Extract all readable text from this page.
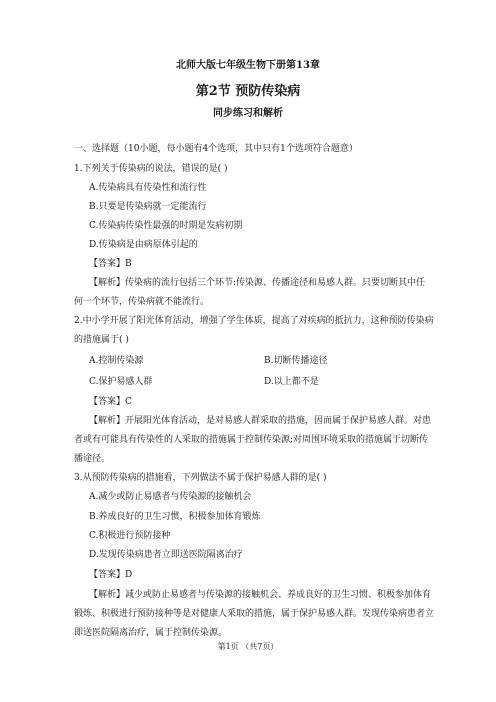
北师大版七年级生物下册第13章
第2节 预防传染病
同步练习和解析
一、选择题（10小题，每小题有4个选项，其中只有1个选项符合题意）
1.下列关于传染病的说法，错误的是( )
A.传染病具有传染性和流行性
B.只要是传染病就一定能流行
C.传染病传染性最强的时期是发病初期
D.传染病是由病原体引起的
【答案】B
【解析】传染病的流行包括三个环节:传染源、传播途径和易感人群。只要切断其中任
何一个环节，传染病就不能流行。
2.中小学开展了阳光体育活动，增强了学生体质，提高了对疾病的抵抗力，这种预防传染病
的措施属于( )
A.控制传染源	B.切断传播途径
C.保护易感人群	D.以上都不是
【答案】C
【解析】开展阳光体育活动，是对易感人群采取的措施，因而属于保护易感人群。对患
者或有可能具有传染性的人采取的措施属于控制传染源;对周围环境采取的措施属于切断传
播途径。
3.从预防传染病的措施看，下列做法不属于保护易感人群的是( )
A.减少或防止易感者与传染源的接触机会
B.养成良好的卫生习惯，积极参加体育锻炼
C.积极进行预防接种
D.发现传染病患者立即送医院隔离治疗
【答案】D
【解析】减少或防止易感者与传染源的接触机会、养成良好的卫生习惯、积极参加体育
锻炼、积极进行预防接种等是对健康人采取的措施，属于保护易感人群。发现传染病患者立
即送医院隔离治疗，属于控制传染源。
第1页 （共7页）
